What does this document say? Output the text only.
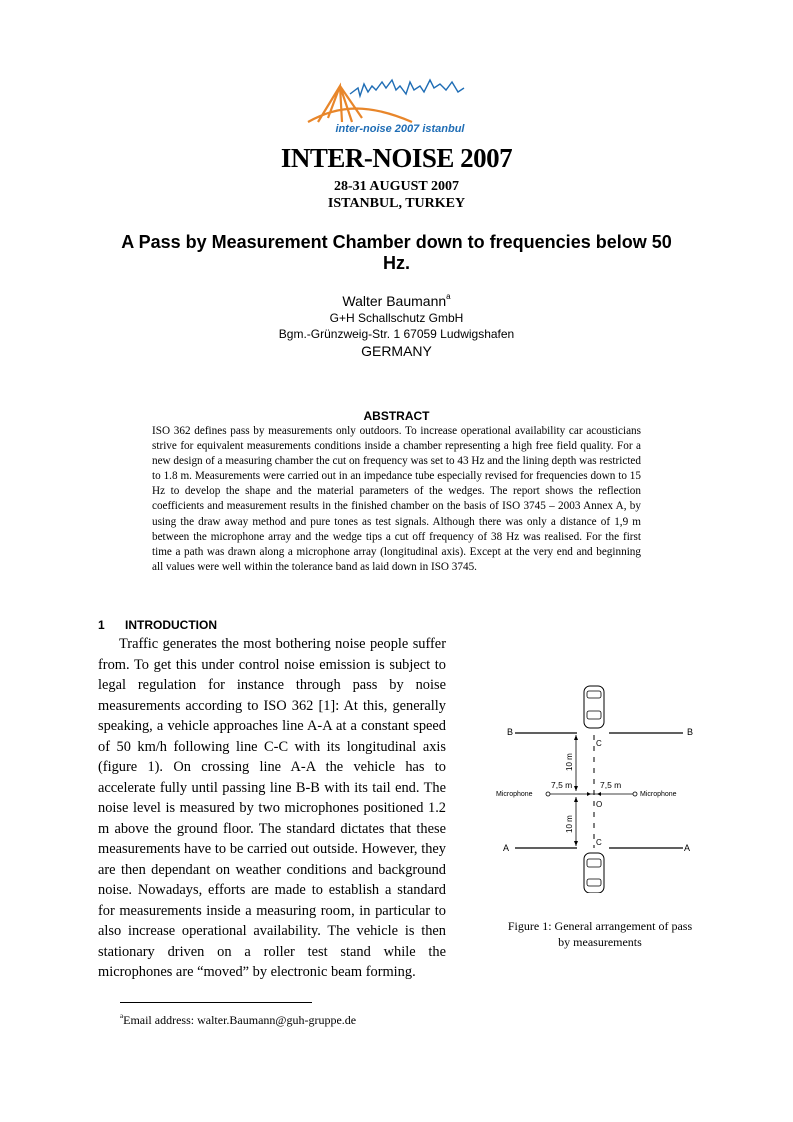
inter-noise 2007 istanbul
INTER-NOISE 2007
28-31 AUGUST 2007
ISTANBUL, TURKEY
A Pass by Measurement Chamber down to frequencies below 50 Hz.
Walter Baumann$^a$
G+H Schallschutz GmbH
Bgm.-Grünzweig-Str. 1 67059 Ludwigshafen
GERMANY
ABSTRACT
ISO 362 defines pass by measurements only outdoors. To increase operational availability car acousticians strive for equivalent measurements conditions inside a chamber representing a high free field quality. For a new design of a measuring chamber the cut on frequency was set to 43 Hz and the lining depth was restricted to 1.8 m. Measurements were carried out in an impedance tube especially revised for frequencies down to 15 Hz to develop the shape and the material parameters of the wedges. The report shows the reflection coefficients and measurement results in the finished chamber on the basis of ISO 3745 – 2003 Annex A, by using the draw away method and pure tones as test signals. Although there was only a distance of 1,9 m between the microphone array and the wedge tips a cut off frequency of 38 Hz was realised. For the first time a path was drawn along a microphone array (longitudinal axis). Except at the very end and beginning all values were well within the tolerance band as laid down in ISO 3745.
1 INTRODUCTION

Traffic generates the most bothering noise people suffer from. To get this under control noise emission is subject to legal regulation for instance through pass by noise measurements according to ISO 362 [1]: At this, generally speaking, a vehicle approaches line A-A at a constant speed of 50 km/h following line C-C with its longitudinal axis (figure 1). On crossing line A-A the vehicle has to accelerate fully until passing line B-B with its tail end. The noise level is measured by two microphones positioned 1.2 m above the ground floor. The standard dictates that these measurements have to be carried out outside. However, they are then dependant on weather conditions and background noise. Nowadays, efforts are made to establish a standard for measurements inside a measuring room, in particular to also increase operational availability. The vehicle is then stationary driven on a roller test stand while the microphones are “moved” by electronic beam forming.

B	B
A	A
C
C
O
7,5 m	7,5 m
Microphone	Microphone
10 m
10 m
Figure 1: General arrangement of pass
by measurements
$^a$Email address: walter.Baumann@guh-gruppe.de
